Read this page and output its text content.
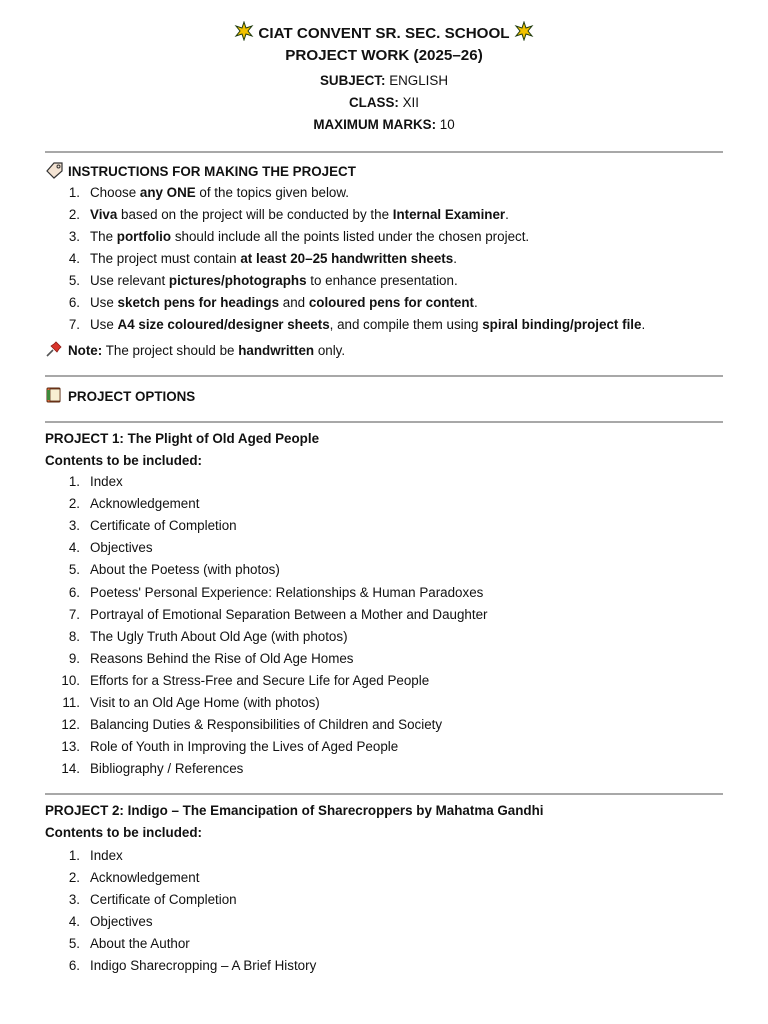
CIAT CONVENT SR. SEC. SCHOOL
PROJECT WORK (2025–26)
SUBJECT: ENGLISH
CLASS: XII
MAXIMUM MARKS: 10
INSTRUCTIONS FOR MAKING THE PROJECT
1. Choose any ONE of the topics given below.
2. Viva based on the project will be conducted by the Internal Examiner.
3. The portfolio should include all the points listed under the chosen project.
4. The project must contain at least 20–25 handwritten sheets.
5. Use relevant pictures/photographs to enhance presentation.
6. Use sketch pens for headings and coloured pens for content.
7. Use A4 size coloured/designer sheets, and compile them using spiral binding/project file.
Note: The project should be handwritten only.
PROJECT OPTIONS
PROJECT 1: The Plight of Old Aged People
Contents to be included:
1. Index
2. Acknowledgement
3. Certificate of Completion
4. Objectives
5. About the Poetess (with photos)
6. Poetess' Personal Experience: Relationships & Human Paradoxes
7. Portrayal of Emotional Separation Between a Mother and Daughter
8. The Ugly Truth About Old Age (with photos)
9. Reasons Behind the Rise of Old Age Homes
10. Efforts for a Stress-Free and Secure Life for Aged People
11. Visit to an Old Age Home (with photos)
12. Balancing Duties & Responsibilities of Children and Society
13. Role of Youth in Improving the Lives of Aged People
14. Bibliography / References
PROJECT 2: Indigo – The Emancipation of Sharecroppers by Mahatma Gandhi
Contents to be included:
1. Index
2. Acknowledgement
3. Certificate of Completion
4. Objectives
5. About the Author
6. Indigo Sharecropping – A Brief History
